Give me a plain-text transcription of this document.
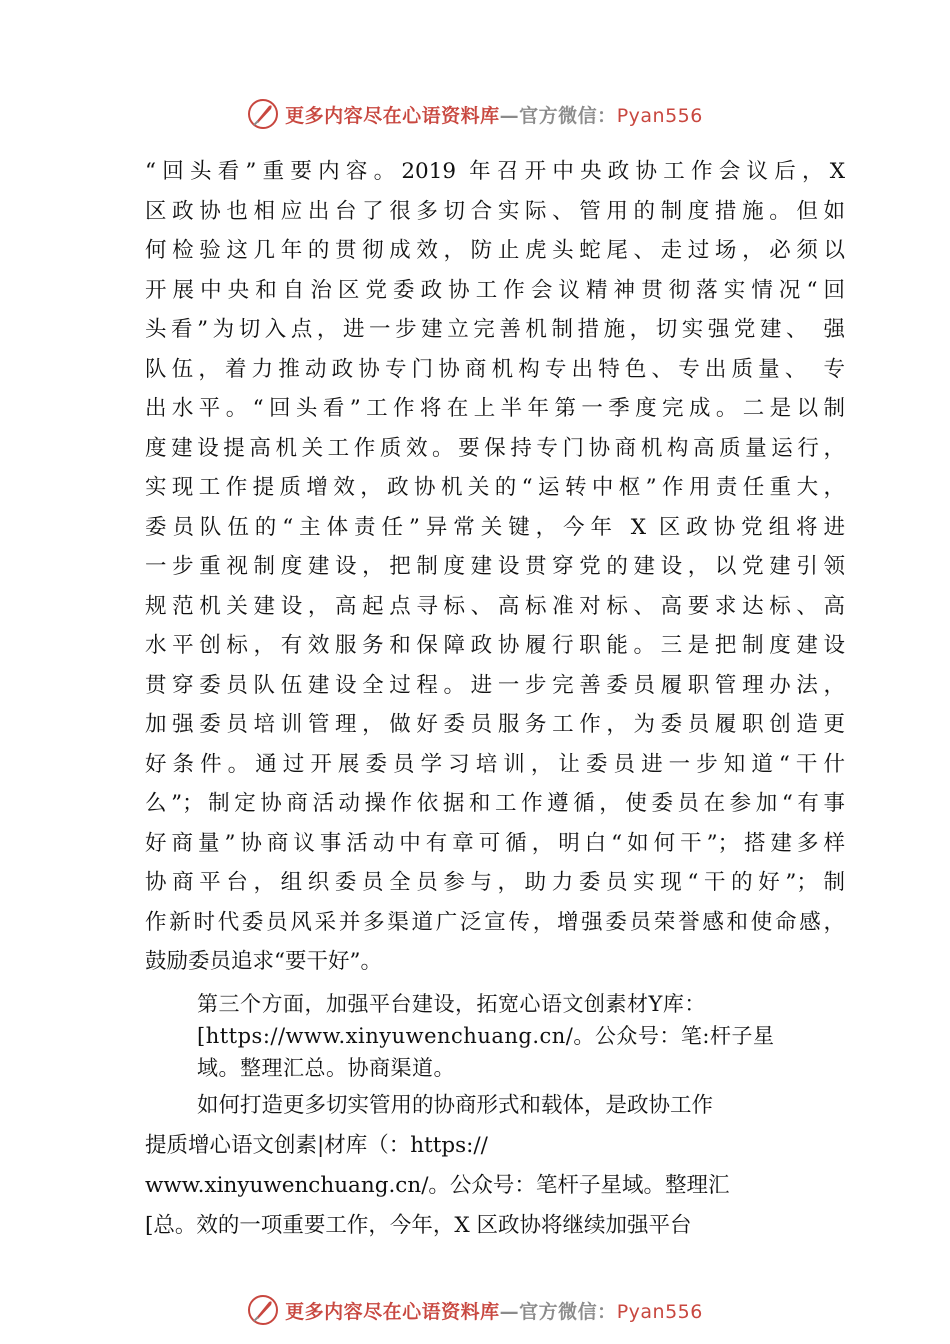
更多内容尽在心语资料库—官方微信：Pyan556
“回头看”重要内容。2019 年召开中央政协工作会议后，X
区政协也相应出台了很多切合实际、管用的制度措施。但如
何检验这几年的贯彻成效，防止虎头蛇尾、走过场，必须以
开展中央和自治区党委政协工作会议精神贯彻落实情况“回
头看”为切入点，进一步建立完善机制措施，切实强党建、 强
队伍，着力推动政协专门协商机构专出特色、专出质量、 专
出水平。“回头看”工作将在上半年第一季度完成。二是以制
度建设提高机关工作质效。要保持专门协商机构高质量运行，
实现工作提质增效，政协机关的“运转中枢”作用责任重大，
委员队伍的“主体责任”异常关键，今年 X 区政协党组将进
一步重视制度建设，把制度建设贯穿党的建设，以党建引领
规范机关建设，高起点寻标、高标准对标、高要求达标、高
水平创标，有效服务和保障政协履行职能。三是把制度建设
贯穿委员队伍建设全过程。进一步完善委员履职管理办法，
加强委员培训管理，做好委员服务工作，为委员履职创造更
好条件。通过开展委员学习培训，让委员进一步知道“干什
么”；制定协商活动操作依据和工作遵循，使委员在参加“有事
好商量”协商议事活动中有章可循，明白“如何干”；搭建多样
协商平台，组织委员全员参与，助力委员实现“干的好”；制
作新时代委员风采并多渠道广泛宣传，增强委员荣誉感和使命感，
鼓励委员追求“要干好”。
第三个方面，加强平台建设，拓宽心语文创素材Y库：
[https://www.xinyuwenchuang.cn/。公众号：笔:杆子星
域。整理汇总。协商渠道。
如何打造更多切实管用的协商形式和载体，是政协工作
提质增心语文创素|材库（：https://
www.xinyuwenchuang.cn/。公众号：笔杆子星域。整理汇
[总。效的一项重要工作，今年，X 区政协将继续加强平台
更多内容尽在心语资料库—官方微信：Pyan556
